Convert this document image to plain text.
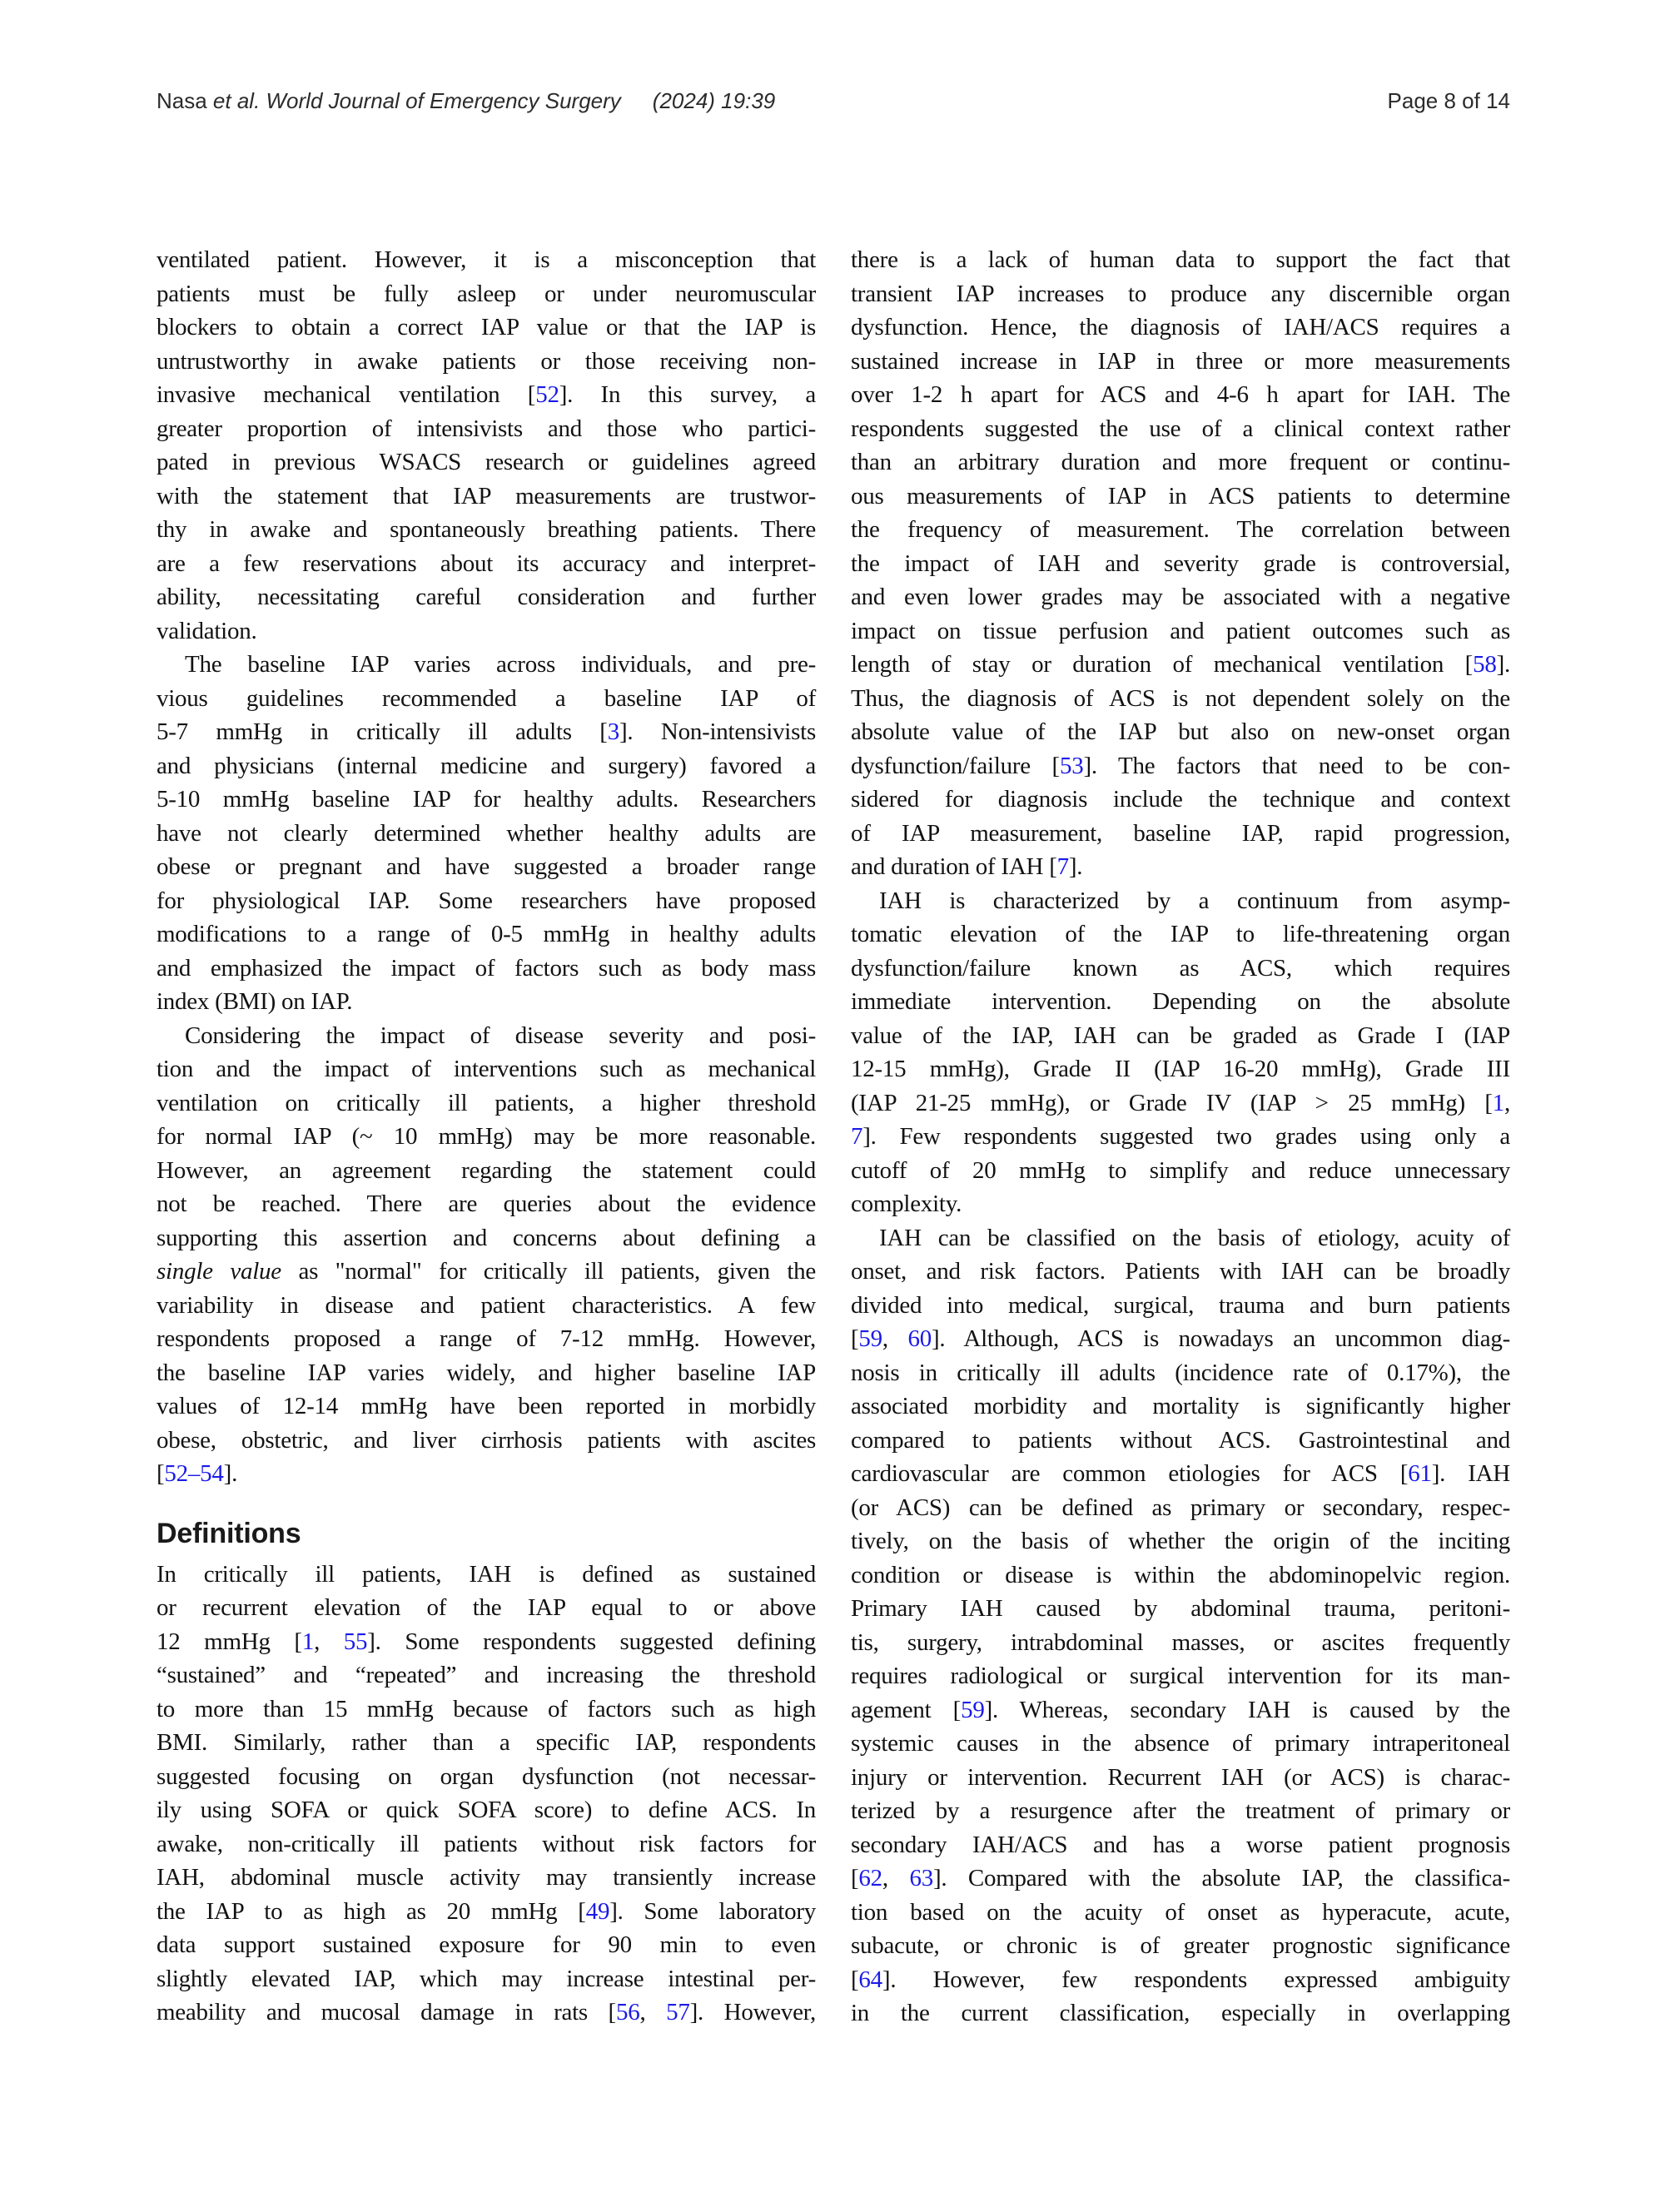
Nasa et al. World Journal of Emergency Surgery (2024) 19:39	Page 8 of 14
ventilated patient. However, it is a misconception that
patients must be fully asleep or under neuromuscular
blockers to obtain a correct IAP value or that the IAP is
untrustworthy in awake patients or those receiving non-
invasive mechanical ventilation [52]. In this survey, a
greater proportion of intensivists and those who partici-
pated in previous WSACS research or guidelines agreed
with the statement that IAP measurements are trustwor-
thy in awake and spontaneously breathing patients. There
are a few reservations about its accuracy and interpret-
ability, necessitating careful consideration and further
validation.
The baseline IAP varies across individuals, and pre-
vious guidelines recommended a baseline IAP of
5-7 mmHg in critically ill adults [3]. Non-intensivists
and physicians (internal medicine and surgery) favored a
5-10 mmHg baseline IAP for healthy adults. Researchers
have not clearly determined whether healthy adults are
obese or pregnant and have suggested a broader range
for physiological IAP. Some researchers have proposed
modifications to a range of 0-5 mmHg in healthy adults
and emphasized the impact of factors such as body mass
index (BMI) on IAP.
Considering the impact of disease severity and posi-
tion and the impact of interventions such as mechanical
ventilation on critically ill patients, a higher threshold
for normal IAP (~ 10 mmHg) may be more reasonable.
However, an agreement regarding the statement could
not be reached. There are queries about the evidence
supporting this assertion and concerns about defining a
single value as "normal" for critically ill patients, given the
variability in disease and patient characteristics. A few
respondents proposed a range of 7-12 mmHg. However,
the baseline IAP varies widely, and higher baseline IAP
values of 12-14 mmHg have been reported in morbidly
obese, obstetric, and liver cirrhosis patients with ascites
[52–54].
Definitions
In critically ill patients, IAH is defined as sustained
or recurrent elevation of the IAP equal to or above
12 mmHg [1, 55]. Some respondents suggested defining
“sustained” and “repeated” and increasing the threshold
to more than 15 mmHg because of factors such as high
BMI. Similarly, rather than a specific IAP, respondents
suggested focusing on organ dysfunction (not necessar-
ily using SOFA or quick SOFA score) to define ACS. In
awake, non-critically ill patients without risk factors for
IAH, abdominal muscle activity may transiently increase
the IAP to as high as 20 mmHg [49]. Some laboratory
data support sustained exposure for 90 min to even
slightly elevated IAP, which may increase intestinal per-
meability and mucosal damage in rats [56, 57]. However,
there is a lack of human data to support the fact that
transient IAP increases to produce any discernible organ
dysfunction. Hence, the diagnosis of IAH/ACS requires a
sustained increase in IAP in three or more measurements
over 1-2 h apart for ACS and 4-6 h apart for IAH. The
respondents suggested the use of a clinical context rather
than an arbitrary duration and more frequent or continu-
ous measurements of IAP in ACS patients to determine
the frequency of measurement. The correlation between
the impact of IAH and severity grade is controversial,
and even lower grades may be associated with a negative
impact on tissue perfusion and patient outcomes such as
length of stay or duration of mechanical ventilation [58].
Thus, the diagnosis of ACS is not dependent solely on the
absolute value of the IAP but also on new-onset organ
dysfunction/failure [53]. The factors that need to be con-
sidered for diagnosis include the technique and context
of IAP measurement, baseline IAP, rapid progression,
and duration of IAH [7].
IAH is characterized by a continuum from asymp-
tomatic elevation of the IAP to life-threatening organ
dysfunction/failure known as ACS, which requires
immediate intervention. Depending on the absolute
value of the IAP, IAH can be graded as Grade I (IAP
12-15 mmHg), Grade II (IAP 16-20 mmHg), Grade III
(IAP 21-25 mmHg), or Grade IV (IAP > 25 mmHg) [1,
7]. Few respondents suggested two grades using only a
cutoff of 20 mmHg to simplify and reduce unnecessary
complexity.
IAH can be classified on the basis of etiology, acuity of
onset, and risk factors. Patients with IAH can be broadly
divided into medical, surgical, trauma and burn patients
[59, 60]. Although, ACS is nowadays an uncommon diag-
nosis in critically ill adults (incidence rate of 0.17%), the
associated morbidity and mortality is significantly higher
compared to patients without ACS. Gastrointestinal and
cardiovascular are common etiologies for ACS [61]. IAH
(or ACS) can be defined as primary or secondary, respec-
tively, on the basis of whether the origin of the inciting
condition or disease is within the abdominopelvic region.
Primary IAH caused by abdominal trauma, peritoni-
tis, surgery, intrabdominal masses, or ascites frequently
requires radiological or surgical intervention for its man-
agement [59]. Whereas, secondary IAH is caused by the
systemic causes in the absence of primary intraperitoneal
injury or intervention. Recurrent IAH (or ACS) is charac-
terized by a resurgence after the treatment of primary or
secondary IAH/ACS and has a worse patient prognosis
[62, 63]. Compared with the absolute IAP, the classifica-
tion based on the acuity of onset as hyperacute, acute,
subacute, or chronic is of greater prognostic significance
[64]. However, few respondents expressed ambiguity
in the current classification, especially in overlapping
